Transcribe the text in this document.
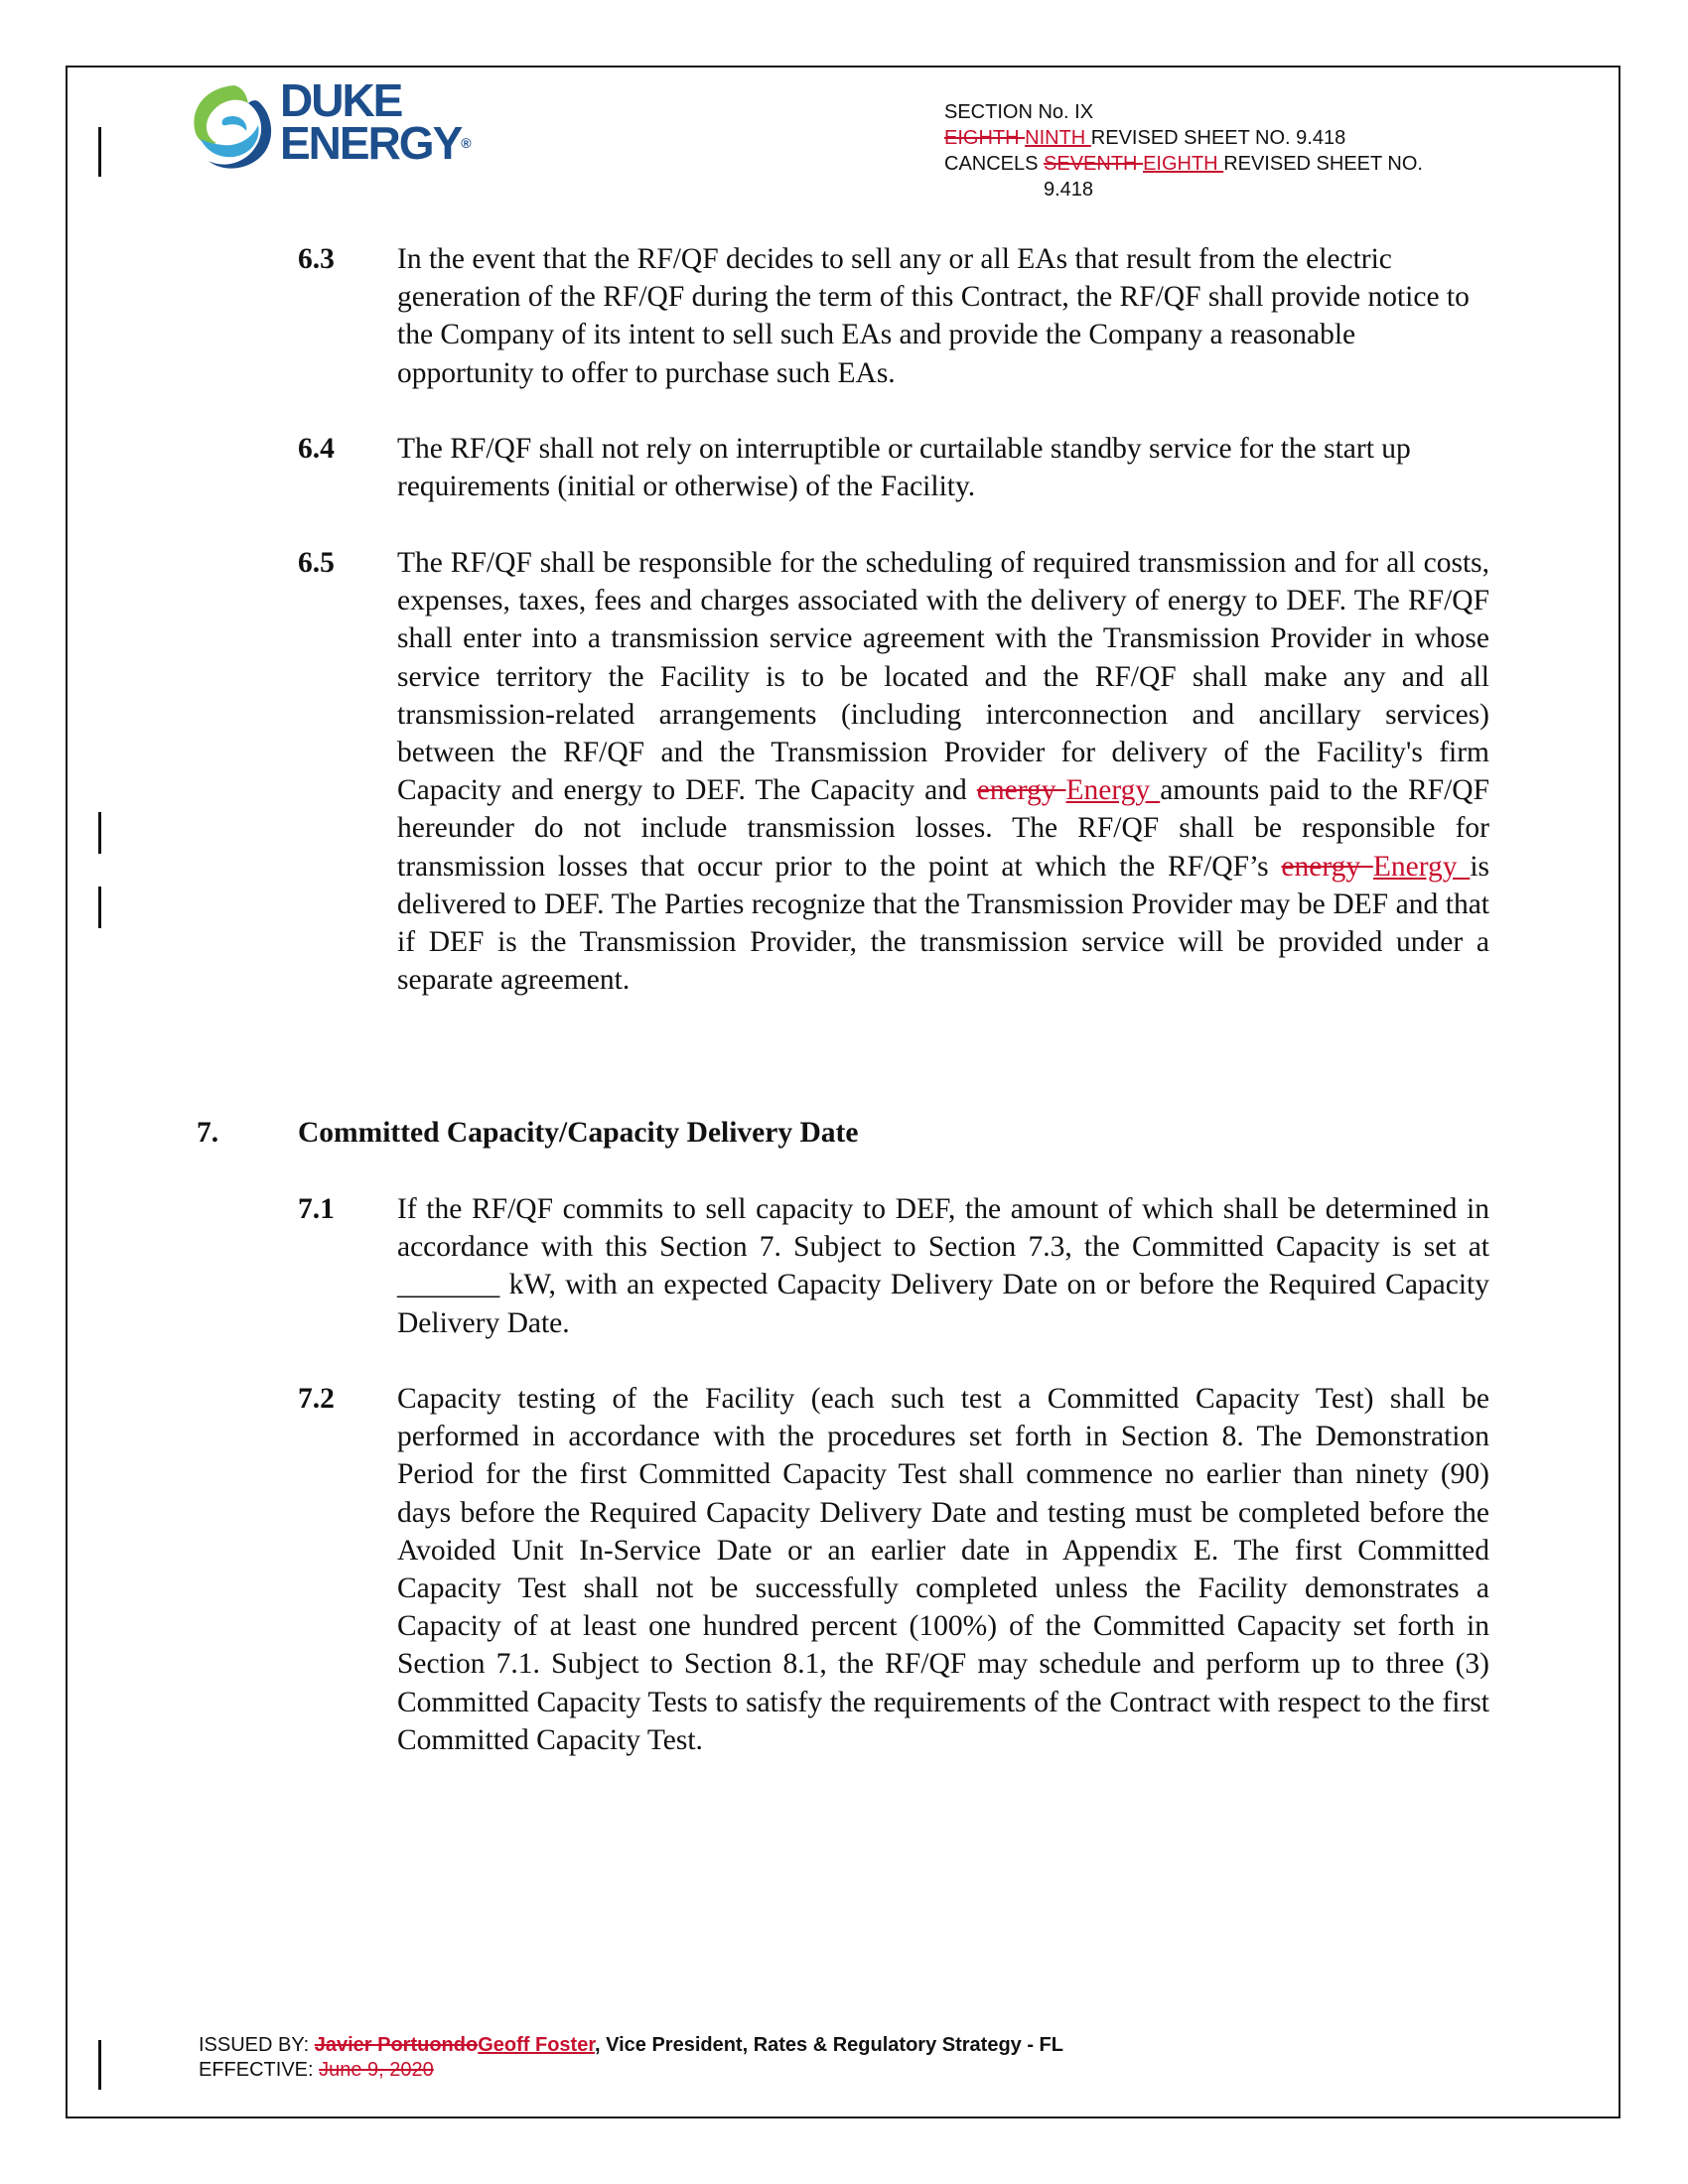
DUKE
ENERGY®
SECTION No. IX
EIGHTH NINTH REVISED SHEET NO. 9.418
CANCELS SEVENTH EIGHTH REVISED SHEET NO.
9.418
6.3	In the event that the RF/QF decides to sell any or all EAs that result from the electric generation of the RF/QF during the term of this Contract, the RF/QF shall provide notice to the Company of its intent to sell such EAs and provide the Company a reasonable opportunity to offer to purchase such EAs.
6.4	The RF/QF shall not rely on interruptible or curtailable standby service for the start up requirements (initial or otherwise) of the Facility.
6.5	The RF/QF shall be responsible for the scheduling of required transmission and for all costs, expenses, taxes, fees and charges associated with the delivery of energy to DEF. The RF/QF shall enter into a transmission service agreement with the Transmission Provider in whose service territory the Facility is to be located and the RF/QF shall make any and all transmission-related arrangements (including interconnection and ancillary services) between the RF/QF and the Transmission Provider for delivery of the Facility's firm Capacity and energy to DEF. The Capacity and energy Energy amounts paid to the RF/QF hereunder do not include transmission losses. The RF/QF shall be responsible for transmission losses that occur prior to the point at which the RF/QF’s energy Energy is delivered to DEF. The Parties recognize that the Transmission Provider may be DEF and that if DEF is the Transmission Provider, the transmission service will be provided under a separate agreement.
7.	Committed Capacity/Capacity Delivery Date
7.1	If the RF/QF commits to sell capacity to DEF, the amount of which shall be determined in accordance with this Section 7. Subject to Section 7.3, the Committed Capacity is set at _______ kW, with an expected Capacity Delivery Date on or before the Required Capacity Delivery Date.
7.2	Capacity testing of the Facility (each such test a Committed Capacity Test) shall be performed in accordance with the procedures set forth in Section 8. The Demonstration Period for the first Committed Capacity Test shall commence no earlier than ninety (90) days before the Required Capacity Delivery Date and testing must be completed before the Avoided Unit In-Service Date or an earlier date in Appendix E. The first Committed Capacity Test shall not be successfully completed unless the Facility demonstrates a Capacity of at least one hundred percent (100%) of the Committed Capacity set forth in Section 7.1. Subject to Section 8.1, the RF/QF may schedule and perform up to three (3) Committed Capacity Tests to satisfy the requirements of the Contract with respect to the first Committed Capacity Test.
ISSUED BY: Javier PortuondoGeoff Foster, Vice President, Rates & Regulatory Strategy - FL
EFFECTIVE: June 9, 2020
